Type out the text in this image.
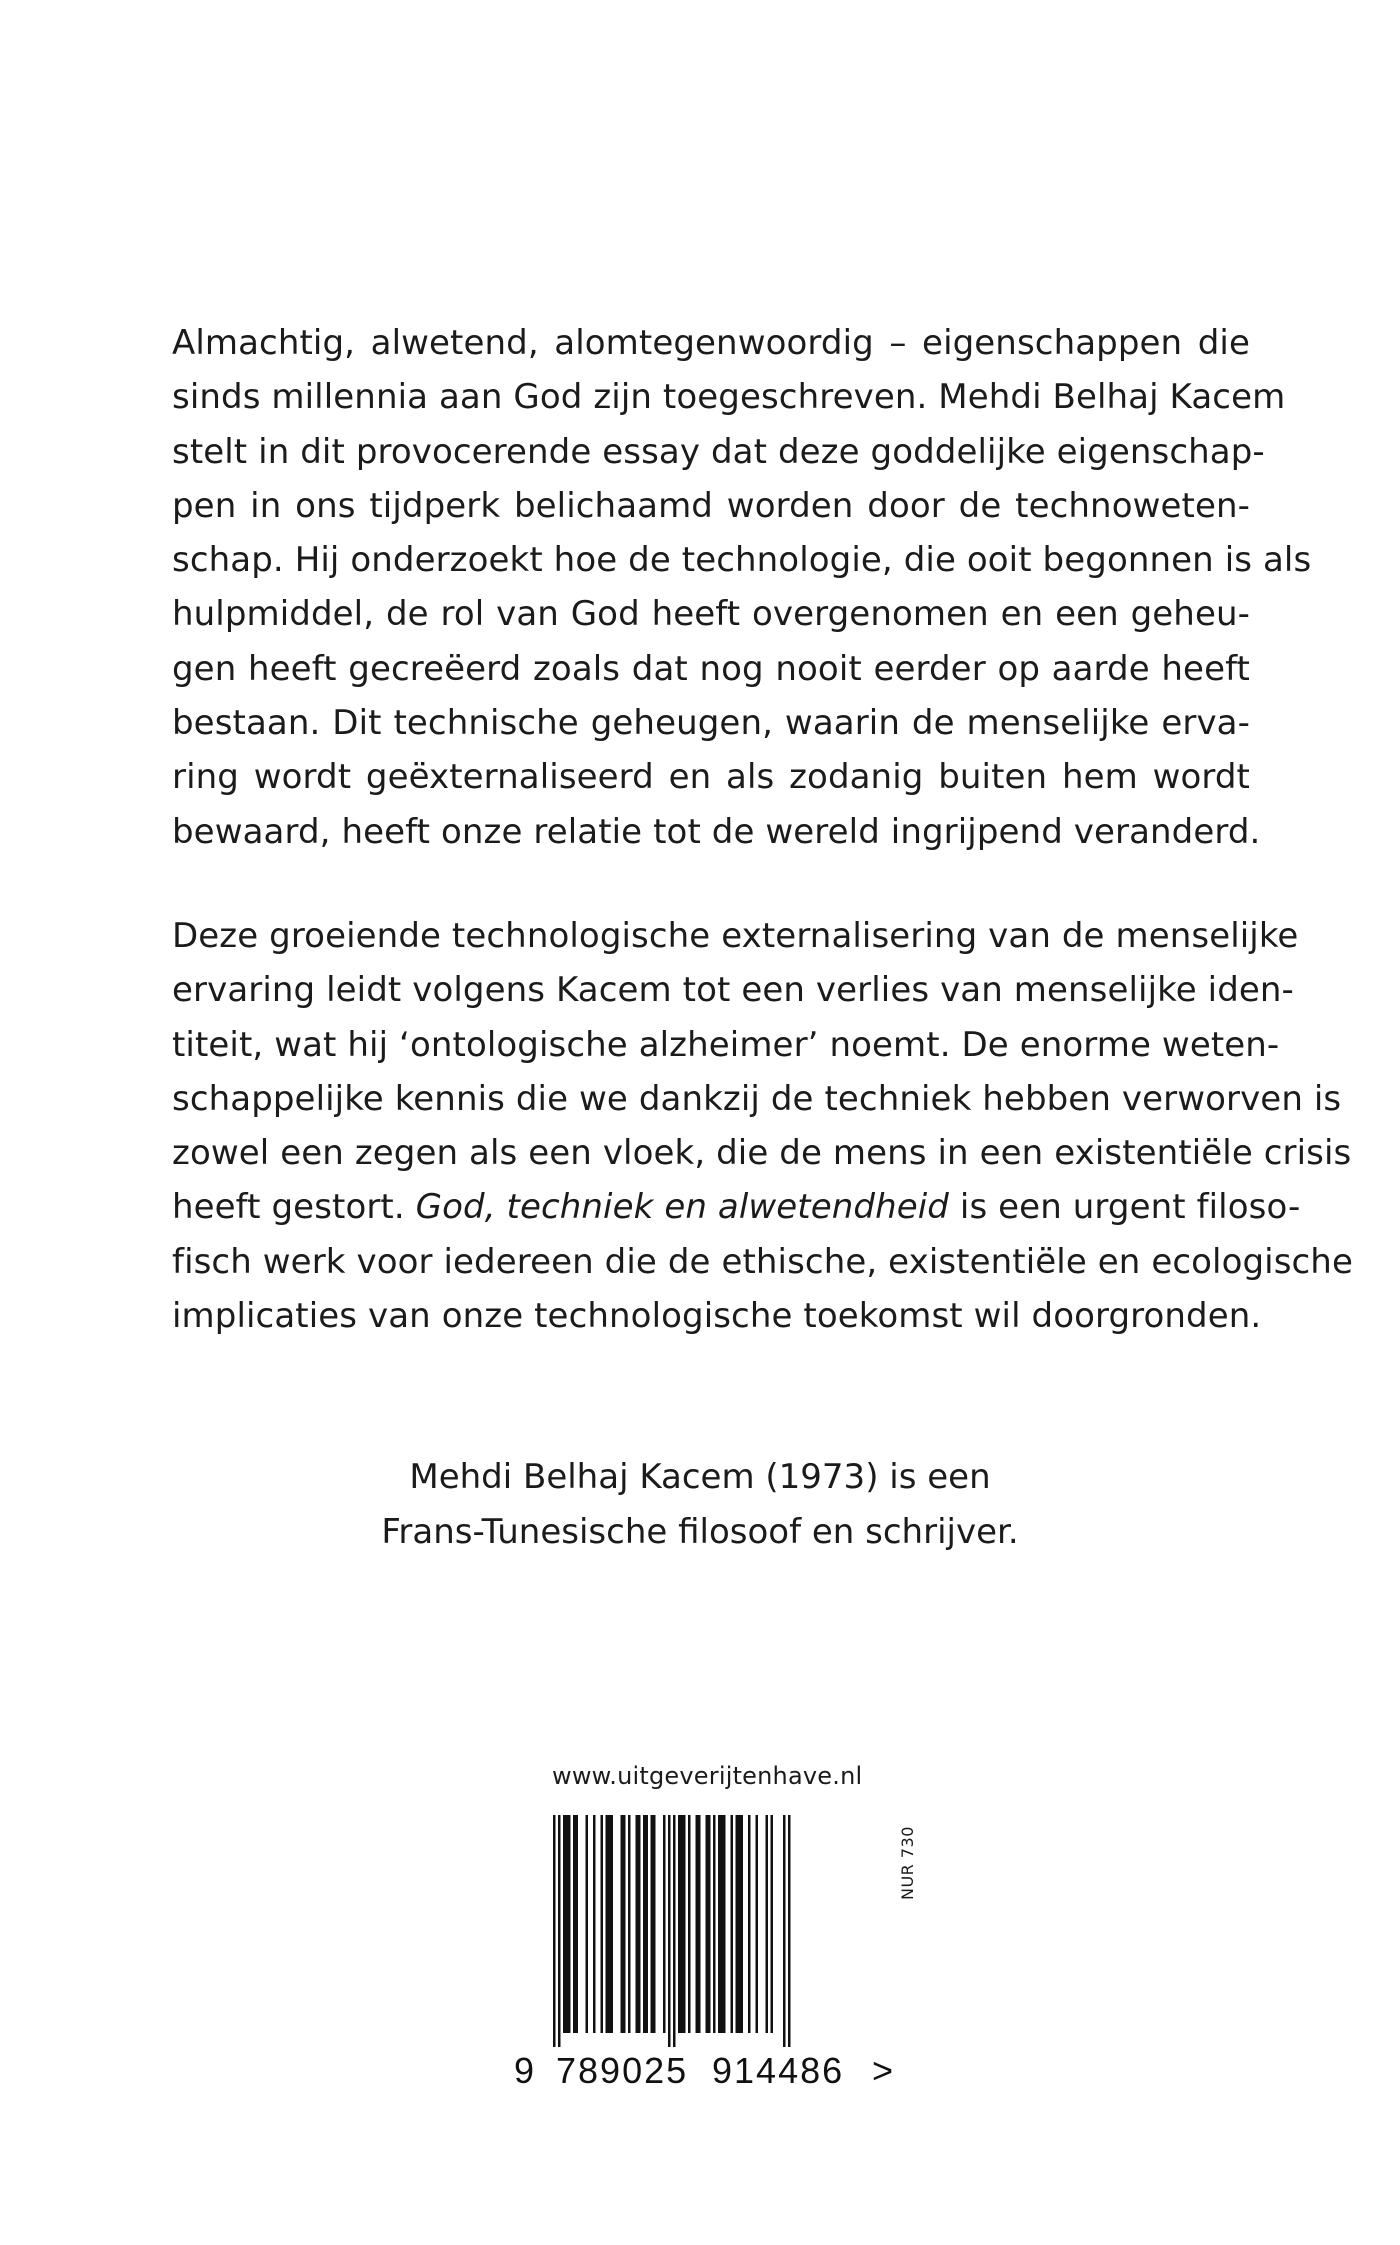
Almachtig, alwetend, alomtegenwoordig – eigenschappen die
sinds millennia aan God zijn toegeschreven. Mehdi Belhaj Kacem
stelt in dit provocerende essay dat deze goddelijke eigenschap-
pen in ons tijdperk belichaamd worden door de technoweten-
schap. Hij onderzoekt hoe de technologie, die ooit begonnen is als
hulpmiddel, de rol van God heeft overgenomen en een geheu-
gen heeft gecreëerd zoals dat nog nooit eerder op aarde heeft
bestaan. Dit technische geheugen, waarin de menselijke erva-
ring wordt geëxternaliseerd en als zodanig buiten hem wordt
bewaard, heeft onze relatie tot de wereld ingrijpend veranderd.
Deze groeiende technologische externalisering van de menselijke
ervaring leidt volgens Kacem tot een verlies van menselijke iden-
titeit, wat hij ‘ontologische alzheimer’ noemt. De enorme weten-
schappelijke kennis die we dankzij de techniek hebben verworven is
zowel een zegen als een vloek, die de mens in een existentiële crisis
heeft gestort. God, techniek en alwetendheid is een urgent filoso-
fisch werk voor iedereen die de ethische, existentiële en ecologische
implicaties van onze technologische toekomst wil doorgronden.
Mehdi Belhaj Kacem (1973) is een
Frans-Tunesische filosoof en schrijver.
www.uitgeverijtenhave.nl
NUR 730
9 789025 914486 >
